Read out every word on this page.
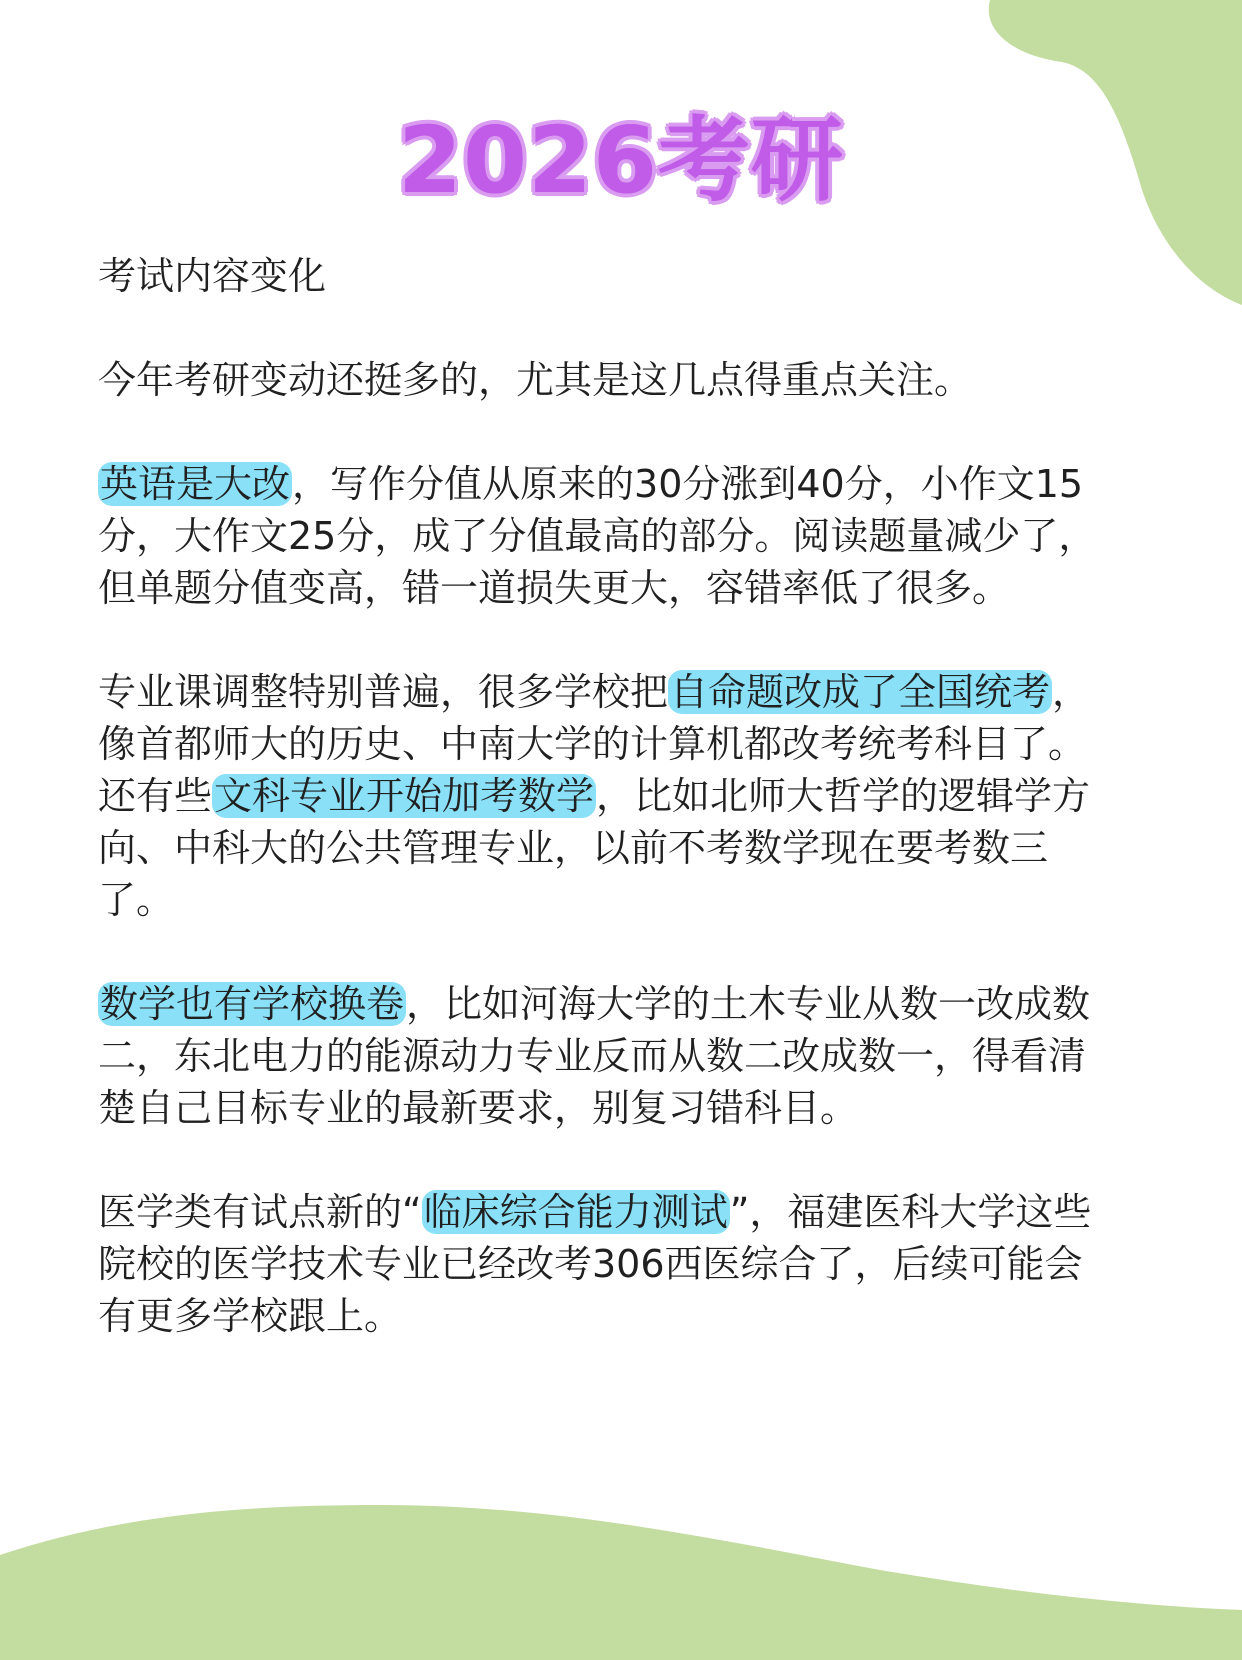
2026考研

考试内容变化

今年考研变动还挺多的，尤其是这几点得重点关注。

英语是大改，写作分值从原来的30分涨到40分，小作文15分，大作文25分，成了分值最高的部分。阅读题量减少了，但单题分值变高，错一道损失更大，容错率低了很多。

专业课调整特别普遍，很多学校把自命题改成了全国统考，像首都师大的历史、中南大学的计算机都改考统考科目了。还有些文科专业开始加考数学，比如北师大哲学的逻辑学方向、中科大的公共管理专业，以前不考数学现在要考数三了。

数学也有学校换卷，比如河海大学的土木专业从数一改成数二，东北电力的能源动力专业反而从数二改成数一，得看清楚自己目标专业的最新要求，别复习错科目。

医学类有试点新的“临床综合能力测试”，福建医科大学这些院校的医学技术专业已经改考306西医综合了，后续可能会有更多学校跟上。
